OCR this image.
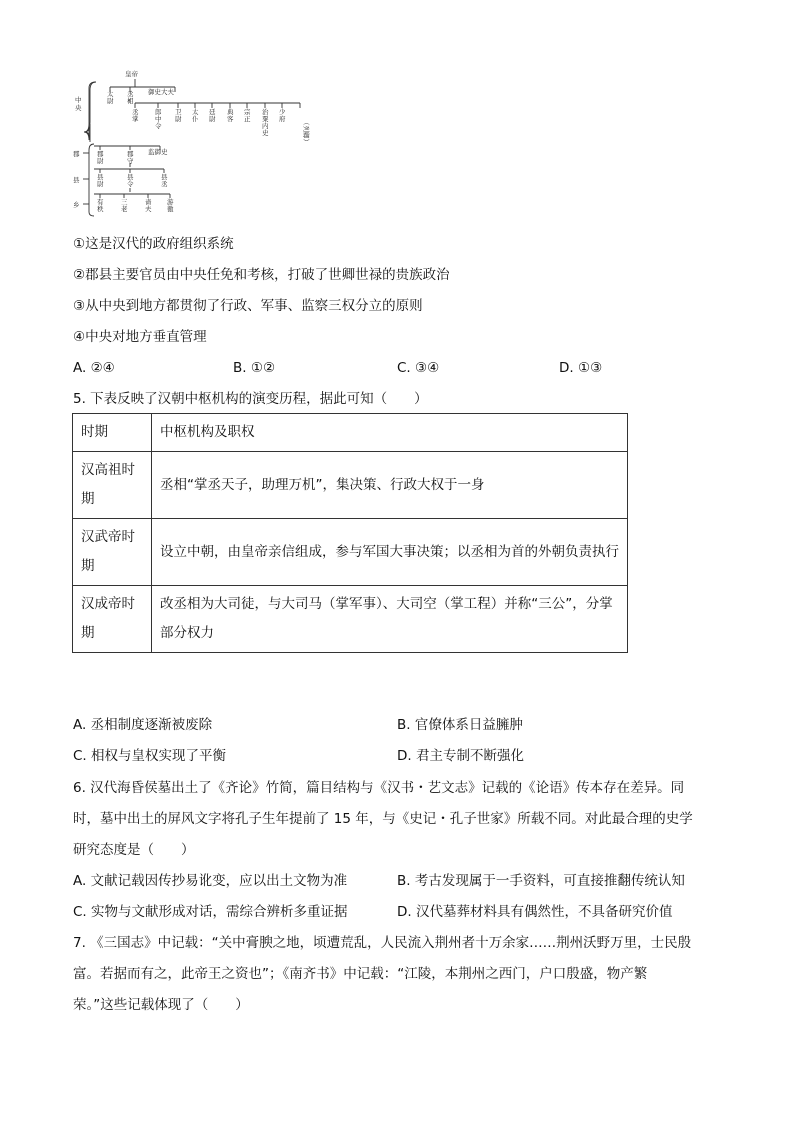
皇帝
中
央
郡
县
乡
太
尉
丞
相
御史大夫
丞
掌
郎
中
令
卫
尉
太
仆
廷
尉
典
客
宗
正
治
粟
内
史
少
府	（列卿）
郡
尉
郡
守
监御史
县
尉
县
令
县
丞
有
秩
三
老
啬
夫
游
徼
①这是汉代的政府组织系统
②郡县主要官员由中央任免和考核，打破了世卿世禄的贵族政治
③从中央到地方都贯彻了行政、军事、监察三权分立的原则
④中央对地方垂直管理
A. ②④	B. ①②	C. ③④	D. ①③
5. 下表反映了汉朝中枢机构的演变历程，据此可知（　　）
时期	中枢机构及职权
汉高祖时期	丞相“掌丞天子，助理万机”，集决策、行政大权于一身
汉武帝时期	设立中朝，由皇帝亲信组成，参与军国大事决策；以丞相为首的外朝负责执行
汉成帝时期	改丞相为大司徒，与大司马（掌军事）、大司空（掌工程）并称“三公”，分掌部分权力
A. 丞相制度逐渐被废除	B. 官僚体系日益臃肿
C. 相权与皇权实现了平衡	D. 君主专制不断强化
6. 汉代海昏侯墓出土了《齐论》竹简，篇目结构与《汉书・艺文志》记载的《论语》传本存在差异。同
时，墓中出土的屏风文字将孔子生年提前了 15 年，与《史记・孔子世家》所载不同。对此最合理的史学
研究态度是（　　）
A. 文献记载因传抄易讹变，应以出土文物为准	B. 考古发现属于一手资料，可直接推翻传统认知
C. 实物与文献形成对话，需综合辨析多重证据	D. 汉代墓葬材料具有偶然性，不具备研究价值
7. 《三国志》中记载：“关中膏腴之地，顷遭荒乱，人民流入荆州者十万余家……荆州沃野万里，士民殷
富。若据而有之，此帝王之资也”；《南齐书》中记载：“江陵，本荆州之西门，户口殷盛，物产繁
荣。”这些记载体现了（　　）
